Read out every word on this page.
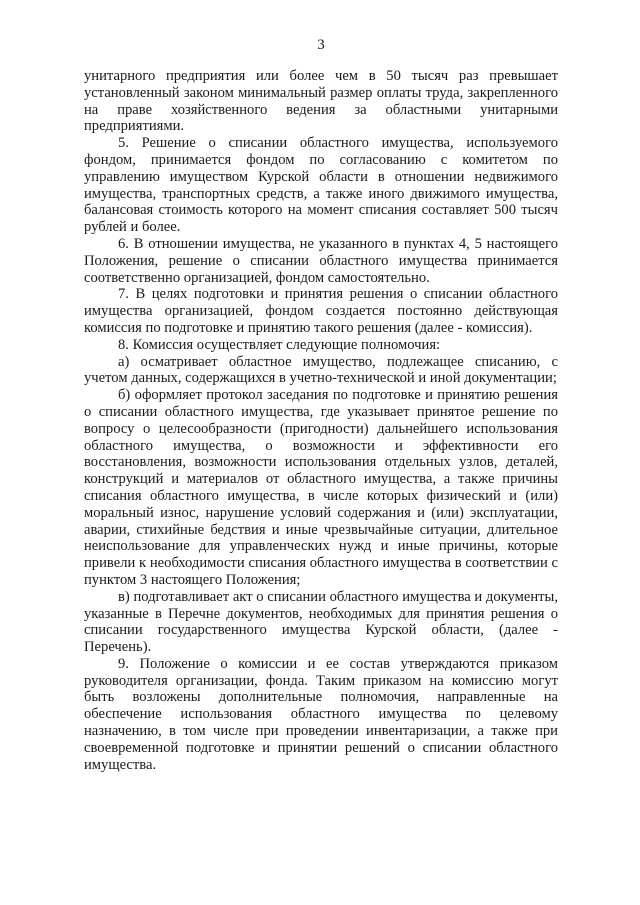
3

унитарного предприятия или более чем в 50 тысяч раз превышает установленный законом минимальный размер оплаты труда, закрепленного на праве хозяйственного ведения за областными унитарными предприятиями.

5. Решение о списании областного имущества, используемого фондом, принимается фондом по согласованию с комитетом по управлению имуществом Курской области в отношении недвижимого имущества, транспортных средств, а также иного движимого имущества, балансовая стоимость которого на момент списания составляет 500 тысяч рублей и более.

6. В отношении имущества, не указанного в пунктах 4, 5 настоящего Положения, решение о списании областного имущества принимается соответственно организацией, фондом самостоятельно.

7. В целях подготовки и принятия решения о списании областного имущества организацией, фондом создается постоянно действующая комиссия по подготовке и принятию такого решения (далее - комиссия).

8. Комиссия осуществляет следующие полномочия:

а) осматривает областное имущество, подлежащее списанию, с учетом данных, содержащихся в учетно-технической и иной документации;

б) оформляет протокол заседания по подготовке и принятию решения о списании областного имущества, где указывает принятое решение по вопросу о целесообразности (пригодности) дальнейшего использования областного имущества, о возможности и эффективности его восстановления, возможности использования отдельных узлов, деталей, конструкций и материалов от областного имущества, а также причины списания областного имущества, в числе которых физический и (или) моральный износ, нарушение условий содержания и (или) эксплуатации, аварии, стихийные бедствия и иные чрезвычайные ситуации, длительное неиспользование для управленческих нужд и иные причины, которые привели к необходимости списания областного имущества в соответствии с пунктом 3 настоящего Положения;

в) подготавливает акт о списании областного имущества и документы, указанные в Перечне документов, необходимых для принятия решения о списании государственного имущества Курской области, (далее - Перечень).

9. Положение о комиссии и ее состав утверждаются приказом руководителя организации, фонда. Таким приказом на комиссию могут быть возложены дополнительные полномочия, направленные на обеспечение использования областного имущества по целевому назначению, в том числе при проведении инвентаризации, а также при своевременной подготовке и принятии решений о списании областного имущества.
